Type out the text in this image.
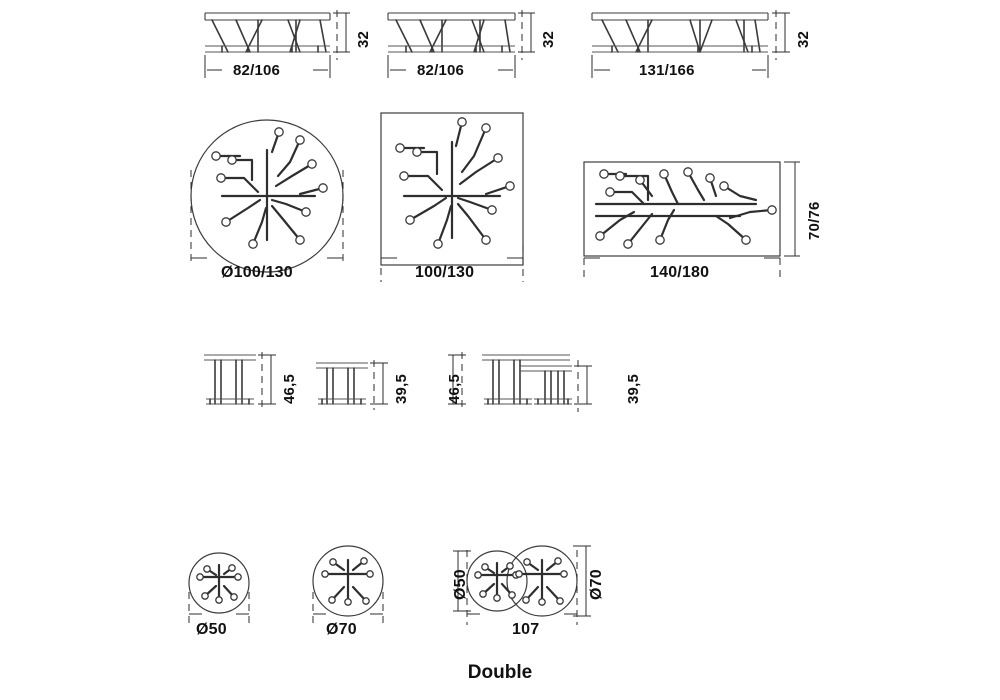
82/106
32
82/106
32
131/166
32
Ø100/130	100/130	140/180
70/76
46,5	39,5 46,5	39,5
Ø50	Ø70
Ø50	Ø70
107
Double
